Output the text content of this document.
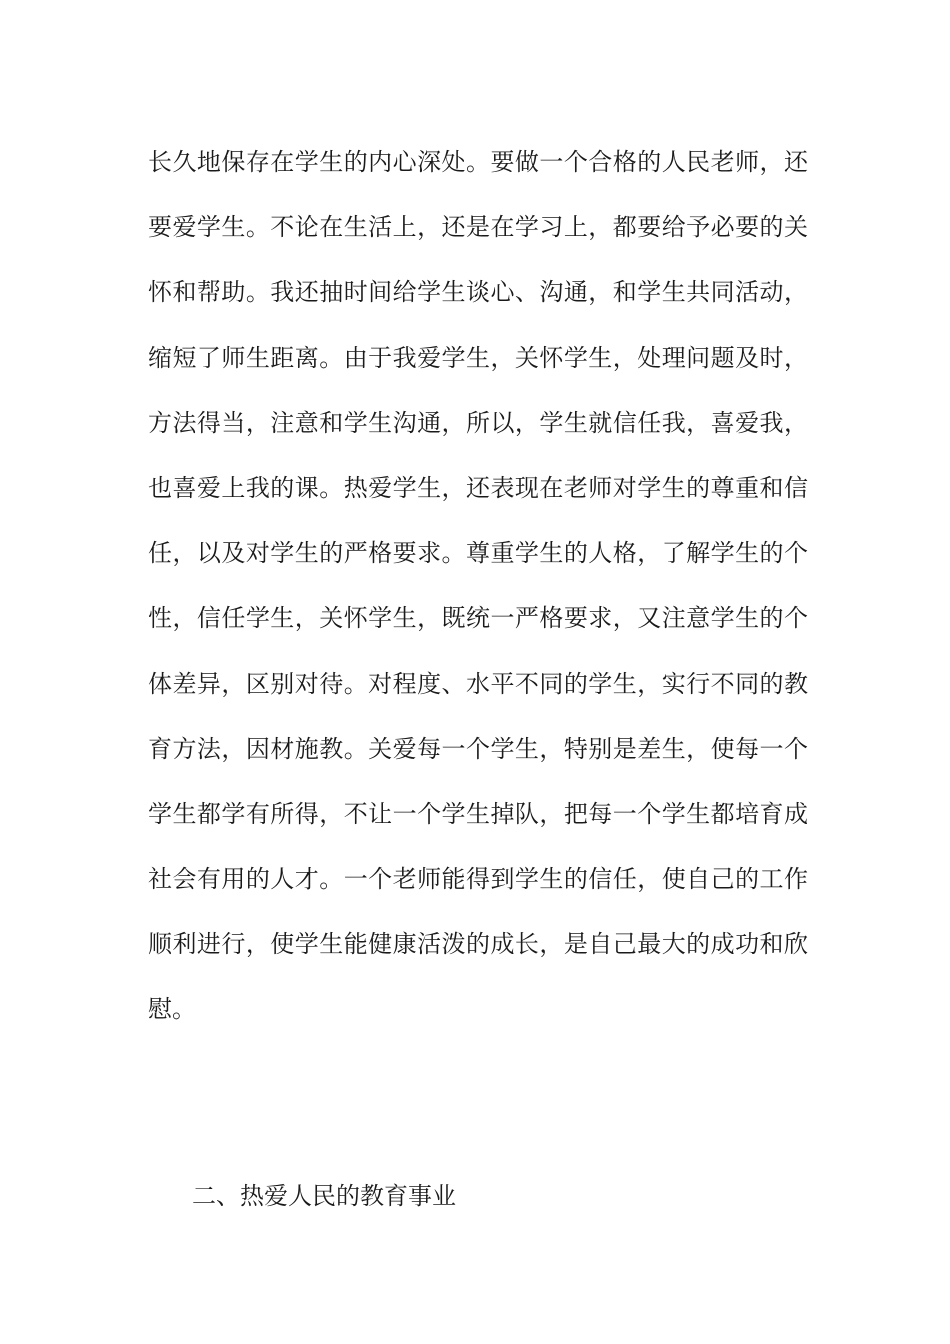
长久地保存在学生的内心深处。要做一个合格的人民老师，还
要爱学生。不论在生活上，还是在学习上，都要给予必要的关
怀和帮助。我还抽时间给学生谈心、沟通，和学生共同活动，
缩短了师生距离。由于我爱学生，关怀学生，处理问题及时，
方法得当，注意和学生沟通，所以，学生就信任我，喜爱我，
也喜爱上我的课。热爱学生，还表现在老师对学生的尊重和信
任，以及对学生的严格要求。尊重学生的人格，了解学生的个
性，信任学生，关怀学生，既统一严格要求，又注意学生的个
体差异，区别对待。对程度、水平不同的学生，实行不同的教
育方法，因材施教。关爱每一个学生，特别是差生，使每一个
学生都学有所得，不让一个学生掉队，把每一个学生都培育成
社会有用的人才。一个老师能得到学生的信任，使自己的工作
顺利进行，使学生能健康活泼的成长，是自己最大的成功和欣
慰。

二、热爱人民的教育事业
